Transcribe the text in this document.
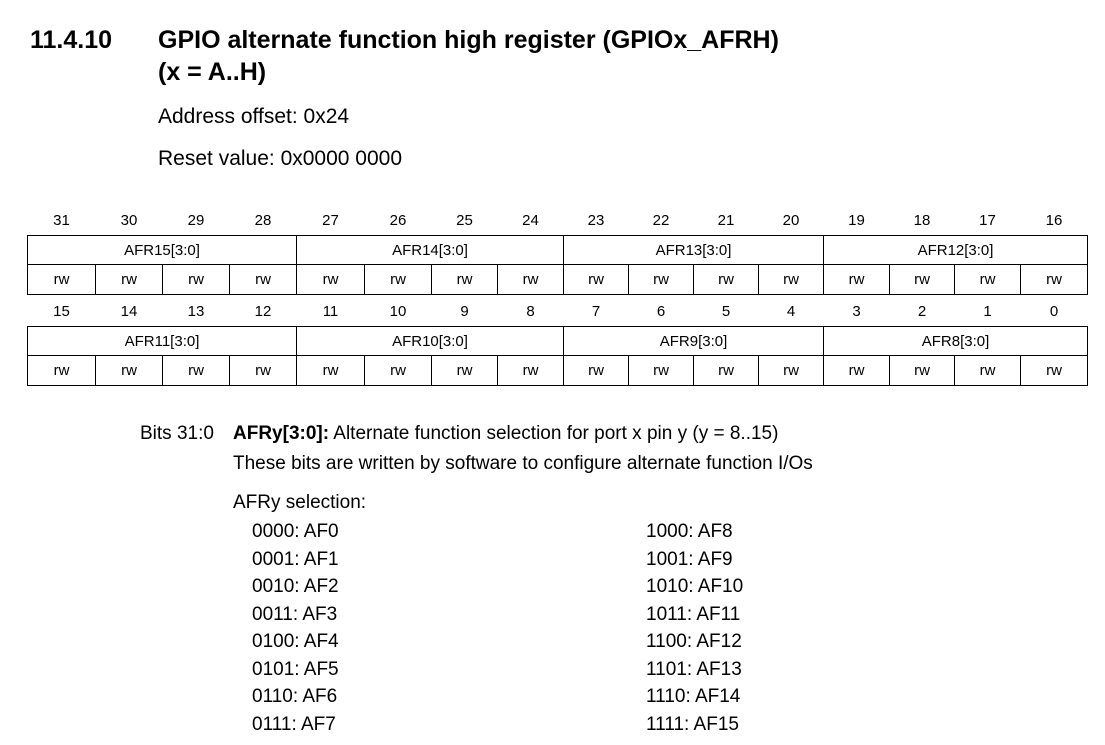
11.4.10 GPIO alternate function high register (GPIOx_AFRH)
(x = A..H)
Address offset: 0x24
Reset value: 0x0000 0000
31	30	29	28	27	26	25	24	23	22	21	20	19	18	17	16
AFR15[3:0]				AFR14[3:0]				AFR13[3:0]				AFR12[3:0]			
rw	rw	rw	rw	rw	rw	rw	rw	rw	rw	rw	rw	rw	rw	rw	rw
15	14	13	12	11	10	9	8	7	6	5	4	3	2	1	0
AFR11[3:0]				AFR10[3:0]				AFR9[3:0]				AFR8[3:0]			
rw	rw	rw	rw	rw	rw	rw	rw	rw	rw	rw	rw	rw	rw	rw	rw
Bits 31:0 AFRy[3:0]: Alternate function selection for port x pin y (y = 8..15)
These bits are written by software to configure alternate function I/Os
AFRy selection:
0000: AF0
0001: AF1
0010: AF2
0011: AF3
0100: AF4
0101: AF5
0110: AF6
0111: AF7
1000: AF8
1001: AF9
1010: AF10
1011: AF11
1100: AF12
1101: AF13
1110: AF14
1111: AF15
